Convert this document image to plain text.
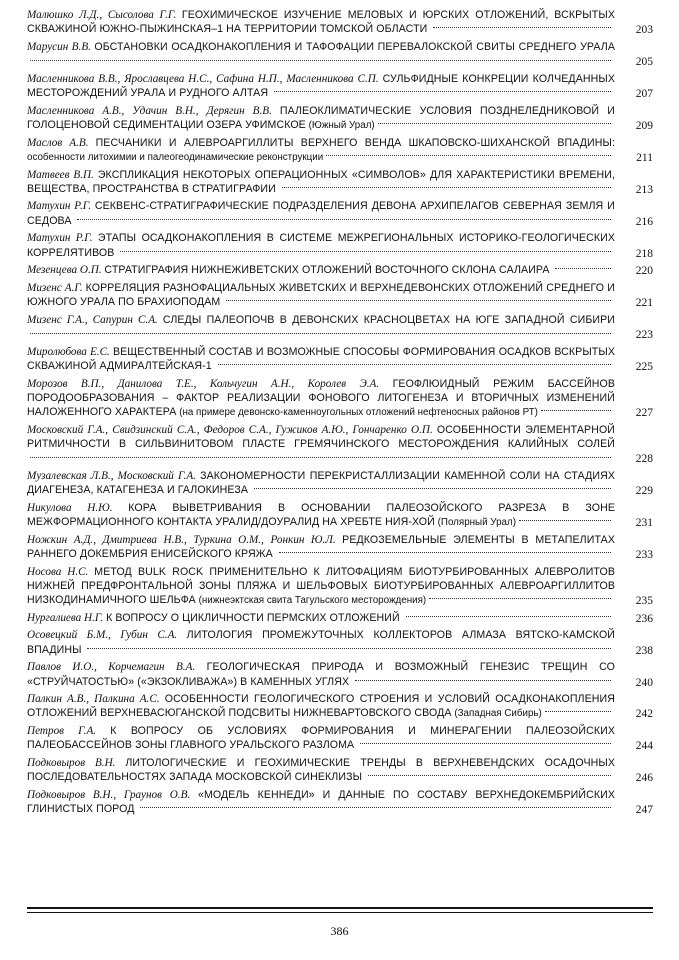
Малюшко Л.Д., Сысолова Г.Г. ГЕОХИМИЧЕСКОЕ ИЗУЧЕНИЕ МЕЛОВЫХ И ЮРСКИХ ОТЛОЖЕНИЙ, ВСКРЫТЫХ СКВАЖИНОЙ ЮЖНО-ПЫЖИНСКАЯ–1 НА ТЕРРИТОРИИ ТОМСКОЙ ОБЛАСТИ	203
Марусин В.В. ОБСТАНОВКИ ОСАДКОНАКОПЛЕНИЯ И ТАФОФАЦИИ ПЕРЕВАЛОКСКОЙ СВИТЫ СРЕДНЕГО УРАЛА
205
Масленникова В.В., Ярославцева Н.С., Сафина Н.П., Масленникова С.П. СУЛЬФИДНЫЕ КОНКРЕЦИИ КОЛЧЕДАННЫХ МЕСТОРОЖДЕНИЙ УРАЛА И РУДНОГО АЛТАЯ	207
Масленникова А.В., Удачин В.Н., Дерягин В.В. ПАЛЕОКЛИМАТИЧЕСКИЕ УСЛОВИЯ ПОЗДНЕЛЕДНИКОВОЙ И ГОЛОЦЕНОВОЙ СЕДИМЕНТАЦИИ ОЗЕРА УФИМСКОЕ (Южный Урал)	209
Маслов А.В. ПЕСЧАНИКИ И АЛЕВРОАРГИЛЛИТЫ ВЕРХНЕГО ВЕНДА ШКАПОВСКО-ШИХАНСКОЙ ВПАДИНЫ: особенности литохимии и палеогеодинамические реконструкции	211
Матвеев В.П. ЭКСПЛИКАЦИЯ НЕКОТОРЫХ ОПЕРАЦИОННЫХ «СИМВОЛОВ» ДЛЯ ХАРАКТЕРИСТИКИ ВРЕМЕНИ, ВЕЩЕСТВА, ПРОСТРАНСТВА В СТРАТИГРАФИИ	213
Матухин Р.Г. СЕКВЕНС-СТРАТИГРАФИЧЕСКИЕ ПОДРАЗДЕЛЕНИЯ ДЕВОНА АРХИПЕЛАГОВ СЕВЕРНАЯ ЗЕМЛЯ И СЕДОВА	216
Матухин Р.Г. ЭТАПЫ ОСАДКОНАКОПЛЕНИЯ В СИСТЕМЕ МЕЖРЕГИОНАЛЬНЫХ ИСТОРИКО-ГЕОЛОГИЧЕСКИХ КОРРЕЛЯТИВОВ	218
Мезенцева О.П. СТРАТИГРАФИЯ НИЖНЕЖИВЕТСКИХ ОТЛОЖЕНИЙ ВОСТОЧНОГО СКЛОНА САЛАИРА	220
Мизенс А.Г. КОРРЕЛЯЦИЯ РАЗНОФАЦИАЛЬНЫХ ЖИВЕТСКИХ И ВЕРХНЕДЕВОНСКИХ ОТЛОЖЕНИЙ СРЕДНЕГО И ЮЖНОГО УРАЛА ПО БРАХИОПОДАМ	221
Мизенс Г.А., Сапурин С.А. СЛЕДЫ ПАЛЕОПОЧВ В ДЕВОНСКИХ КРАСНОЦВЕТАХ НА ЮГЕ ЗАПАДНОЙ СИБИРИ
223
Миролюбова Е.С. ВЕЩЕСТВЕННЫЙ СОСТАВ И ВОЗМОЖНЫЕ СПОСОБЫ ФОРМИРОВАНИЯ ОСАДКОВ ВСКРЫТЫХ СКВАЖИНОЙ АДМИРАЛТЕЙСКАЯ-1	225
Морозов В.П., Данилова Т.Е., Кольчугин А.Н., Королев Э.А. ГЕОФЛЮИДНЫЙ РЕЖИМ БАССЕЙНОВ ПОРОДООБРАЗОВАНИЯ – ФАКТОР РЕАЛИЗАЦИИ ФОНОВОГО ЛИТОГЕНЕЗА И ВТОРИЧНЫХ ИЗМЕНЕНИЙ НАЛОЖЕННОГО ХАРАКТЕРА (на примере девонско-каменноугольных отложений нефтеносных районов РТ)	227
Московский Г.А., Свидзинский С.А., Федоров С.А., Гужиков А.Ю., Гончаренко О.П. ОСОБЕННОСТИ ЭЛЕМЕНТАРНОЙ РИТМИЧНОСТИ В СИЛЬВИНИТОВОМ ПЛАСТЕ ГРЕМЯЧИНСКОГО МЕСТОРОЖДЕНИЯ КАЛИЙНЫХ СОЛЕЙ
228
Музалевская Л.В., Московский Г.А. ЗАКОНОМЕРНОСТИ ПЕРЕКРИСТАЛЛИЗАЦИИ КАМЕННОЙ СОЛИ НА СТАДИЯХ ДИАГЕНЕЗА, КАТАГЕНЕЗА И ГАЛОКИНЕЗА	229
Никулова Н.Ю. КОРА ВЫВЕТРИВАНИЯ В ОСНОВАНИИ ПАЛЕОЗОЙСКОГО РАЗРЕЗА В ЗОНЕ МЕЖФОРМАЦИОННОГО КОНТАКТА УРАЛИД/ДОУРАЛИД НА ХРЕБТЕ НИЯ-ХОЙ (Полярный Урал)	231
Ножкин А.Д., Дмитриева Н.В., Туркина О.М., Ронкин Ю.Л. РЕДКОЗЕМЕЛЬНЫЕ ЭЛЕМЕНТЫ В МЕТАПЕЛИТАХ РАННЕГО ДОКЕМБРИЯ ЕНИСЕЙСКОГО КРЯЖА	233
Носова Н.С. МЕТОД BULK ROCK ПРИМЕНИТЕЛЬНО К ЛИТОФАЦИЯМ БИОТУРБИРОВАННЫХ АЛЕВРОЛИТОВ НИЖНЕЙ ПРЕДФРОНТАЛЬНОЙ ЗОНЫ ПЛЯЖА И ШЕЛЬФОВЫХ БИОТУРБИРОВАННЫХ АЛЕВРОАРГИЛЛИТОВ НИЗКОДИНАМИЧНОГО ШЕЛЬФА (нижнеэктская свита Тагульского месторождения)	235
Нургалиева Н.Г. К ВОПРОСУ О ЦИКЛИЧНОСТИ ПЕРМСКИХ ОТЛОЖЕНИЙ	236
Осовецкий Б.М., Губин С.А. ЛИТОЛОГИЯ ПРОМЕЖУТОЧНЫХ КОЛЛЕКТОРОВ АЛМАЗА ВЯТСКО-КАМСКОЙ ВПАДИНЫ	238
Павлов И.О., Корчемагин В.А. ГЕОЛОГИЧЕСКАЯ ПРИРОДА И ВОЗМОЖНЫЙ ГЕНЕЗИС ТРЕЩИН СО «СТРУЙЧАТОСТЬЮ» («ЭКЗОКЛИВАЖА») В КАМЕННЫХ УГЛЯХ	240
Палкин А.В., Палкина А.С. ОСОБЕННОСТИ ГЕОЛОГИЧЕСКОГО СТРОЕНИЯ И УСЛОВИЙ ОСАДКОНАКОПЛЕНИЯ ОТЛОЖЕНИЙ ВЕРХНЕВАСЮГАНСКОЙ ПОДСВИТЫ НИЖНЕВАРТОВСКОГО СВОДА (Западная Сибирь)	242
Петров Г.А. К ВОПРОСУ ОБ УСЛОВИЯХ ФОРМИРОВАНИЯ И МИНЕРАГЕНИИ ПАЛЕОЗОЙСКИХ ПАЛЕОБАССЕЙНОВ ЗОНЫ ГЛАВНОГО УРАЛЬСКОГО РАЗЛОМА	244
Подковыров В.Н. ЛИТОЛОГИЧЕСКИЕ И ГЕОХИМИЧЕСКИЕ ТРЕНДЫ В ВЕРХНЕВЕНДСКИХ ОСАДОЧНЫХ ПОСЛЕДОВАТЕЛЬНОСТЯХ ЗАПАДА МОСКОВСКОЙ СИНЕКЛИЗЫ	246
Подковыров В.Н., Граунов О.В. «МОДЕЛЬ КЕННЕДИ» И ДАННЫЕ ПО СОСТАВУ ВЕРХНЕДОКЕМБРИЙСКИХ ГЛИНИСТЫХ ПОРОД	247
386
